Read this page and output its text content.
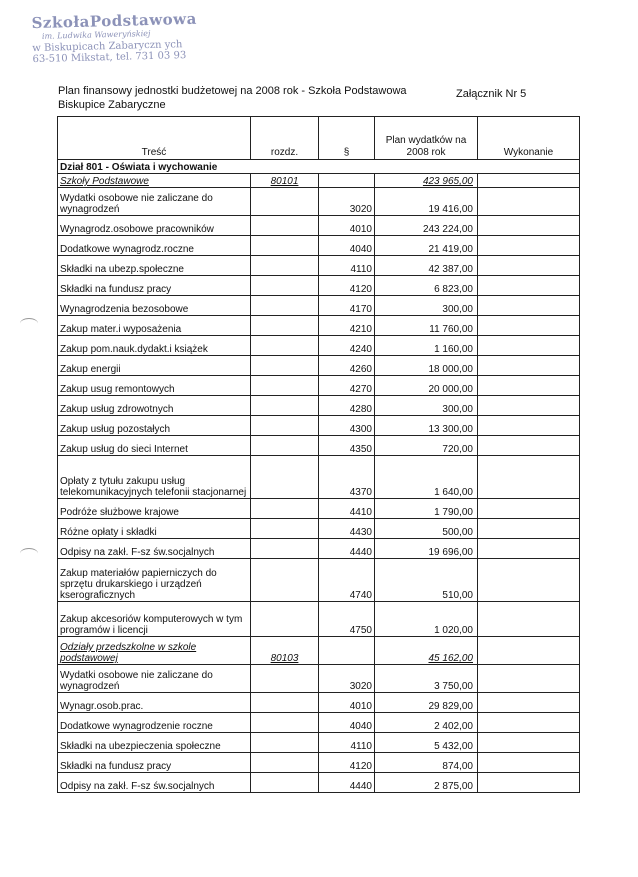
SzkołaPodstawowa
im. Ludwika Waweryńskiej
w Biskupicach Zabaryczn ych
63-510 Mikstat, tel. 731 03 93
Plan finansowy jednostki budżetowej na 2008 rok - Szkoła Podstawowa
Biskupice Zabaryczne
Załącznik Nr 5
Treść	rozdz.	§	Plan wydatków na 2008 rok	Wykonanie
Dział 801 - Oświata i wychowanie				
Szkoły Podstawowe	80101		423 965,00	
Wydatki osobowe nie zaliczane do wynagrodzeń		3020	19 416,00	
Wynagrodz.osobowe pracowników		4010	243 224,00	
Dodatkowe wynagrodz.roczne		4040	21 419,00	
Składki na ubezp.społeczne		4110	42 387,00	
Składki na fundusz pracy		4120	6 823,00	
Wynagrodzenia bezosobowe		4170	300,00	
Zakup mater.i wyposażenia		4210	11 760,00	
Zakup pom.nauk.dydakt.i książek		4240	1 160,00	
Zakup energii		4260	18 000,00	
Zakup usug remontowych		4270	20 000,00	
Zakup usług zdrowotnych		4280	300,00	
Zakup usług pozostałych		4300	13 300,00	
Zakup usług do sieci Internet		4350	720,00	
Opłaty z tytułu zakupu usług telekomunikacyjnych telefonii stacjonarnej		4370	1 640,00	
Podróże służbowe krajowe		4410	1 790,00	
Różne opłaty i składki		4430	500,00	
Odpisy na zakł. F-sz św.socjalnych		4440	19 696,00	
Zakup materiałów papierniczych do sprzętu drukarskiego i urządzeń kserograficznych		4740	510,00	
Zakup akcesoriów komputerowych w tym programów i licencji		4750	1 020,00	
Odziały przedszkolne w szkole podstawowej	80103		45 162,00	
Wydatki osobowe nie zaliczane do wynagrodzeń		3020	3 750,00	
Wynagr.osob.prac.		4010	29 829,00	
Dodatkowe wynagrodzenie roczne		4040	2 402,00	
Składki na ubezpieczenia społeczne		4110	5 432,00	
Składki na fundusz pracy		4120	874,00	
Odpisy na zakł. F-sz św.socjalnych		4440	2 875,00	
